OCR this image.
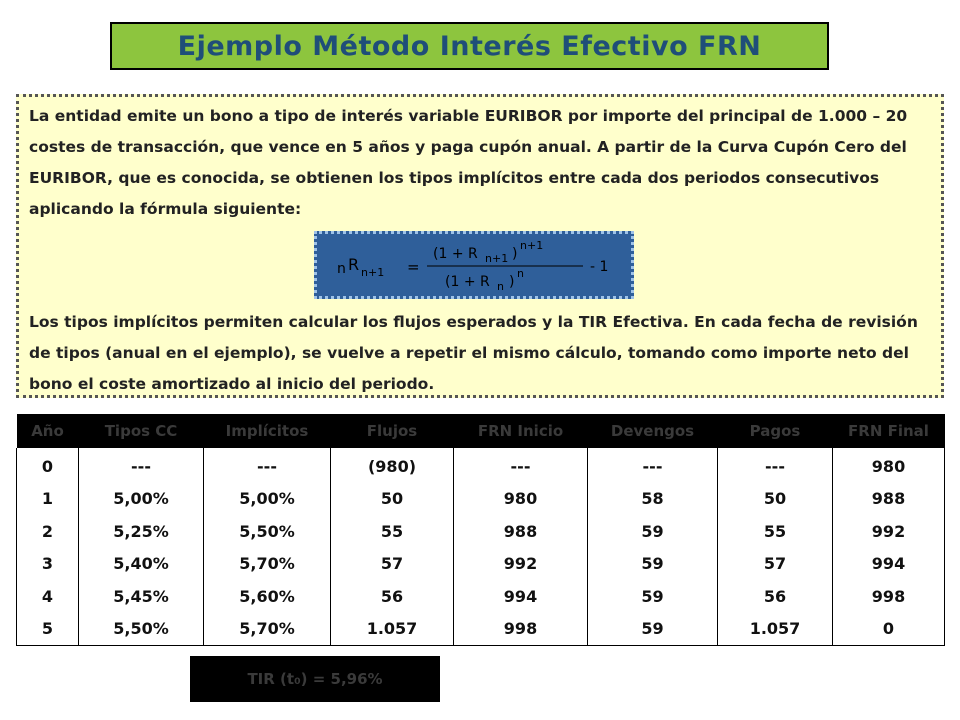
Ejemplo Método Interés Efectivo FRN
La entidad emite un bono a tipo de interés variable EURIBOR por importe del principal de 1.000 – 20 costes de transacción, que vence en 5 años y paga cupón anual. A partir de la Curva Cupón Cero del EURIBOR, que es conocida, se obtienen los tipos implícitos entre cada dos periodos consecutivos aplicando la fórmula siguiente:
n R n+1 =
(1 + R n+1 )
n+1
(1 + R n )
n	- 1
Los tipos implícitos permiten calcular los flujos esperados y la TIR Efectiva. En cada fecha de revisión de tipos (anual en el ejemplo), se vuelve a repetir el mismo cálculo, tomando como importe neto del bono el coste amortizado al inicio del periodo.
Año	Tipos CC	Implícitos	Flujos	FRN Inicio	Devengos	Pagos	FRN Final
0	---	---	(980)	---	---	---	980
1	5,00%	5,00%	50	980	58	50	988
2	5,25%	5,50%	55	988	59	55	992
3	5,40%	5,70%	57	992	59	57	994
4	5,45%	5,60%	56	994	59	56	998
5	5,50%	5,70%	1.057	998	59	1.057	0
TIR (t₀) = 5,96%
